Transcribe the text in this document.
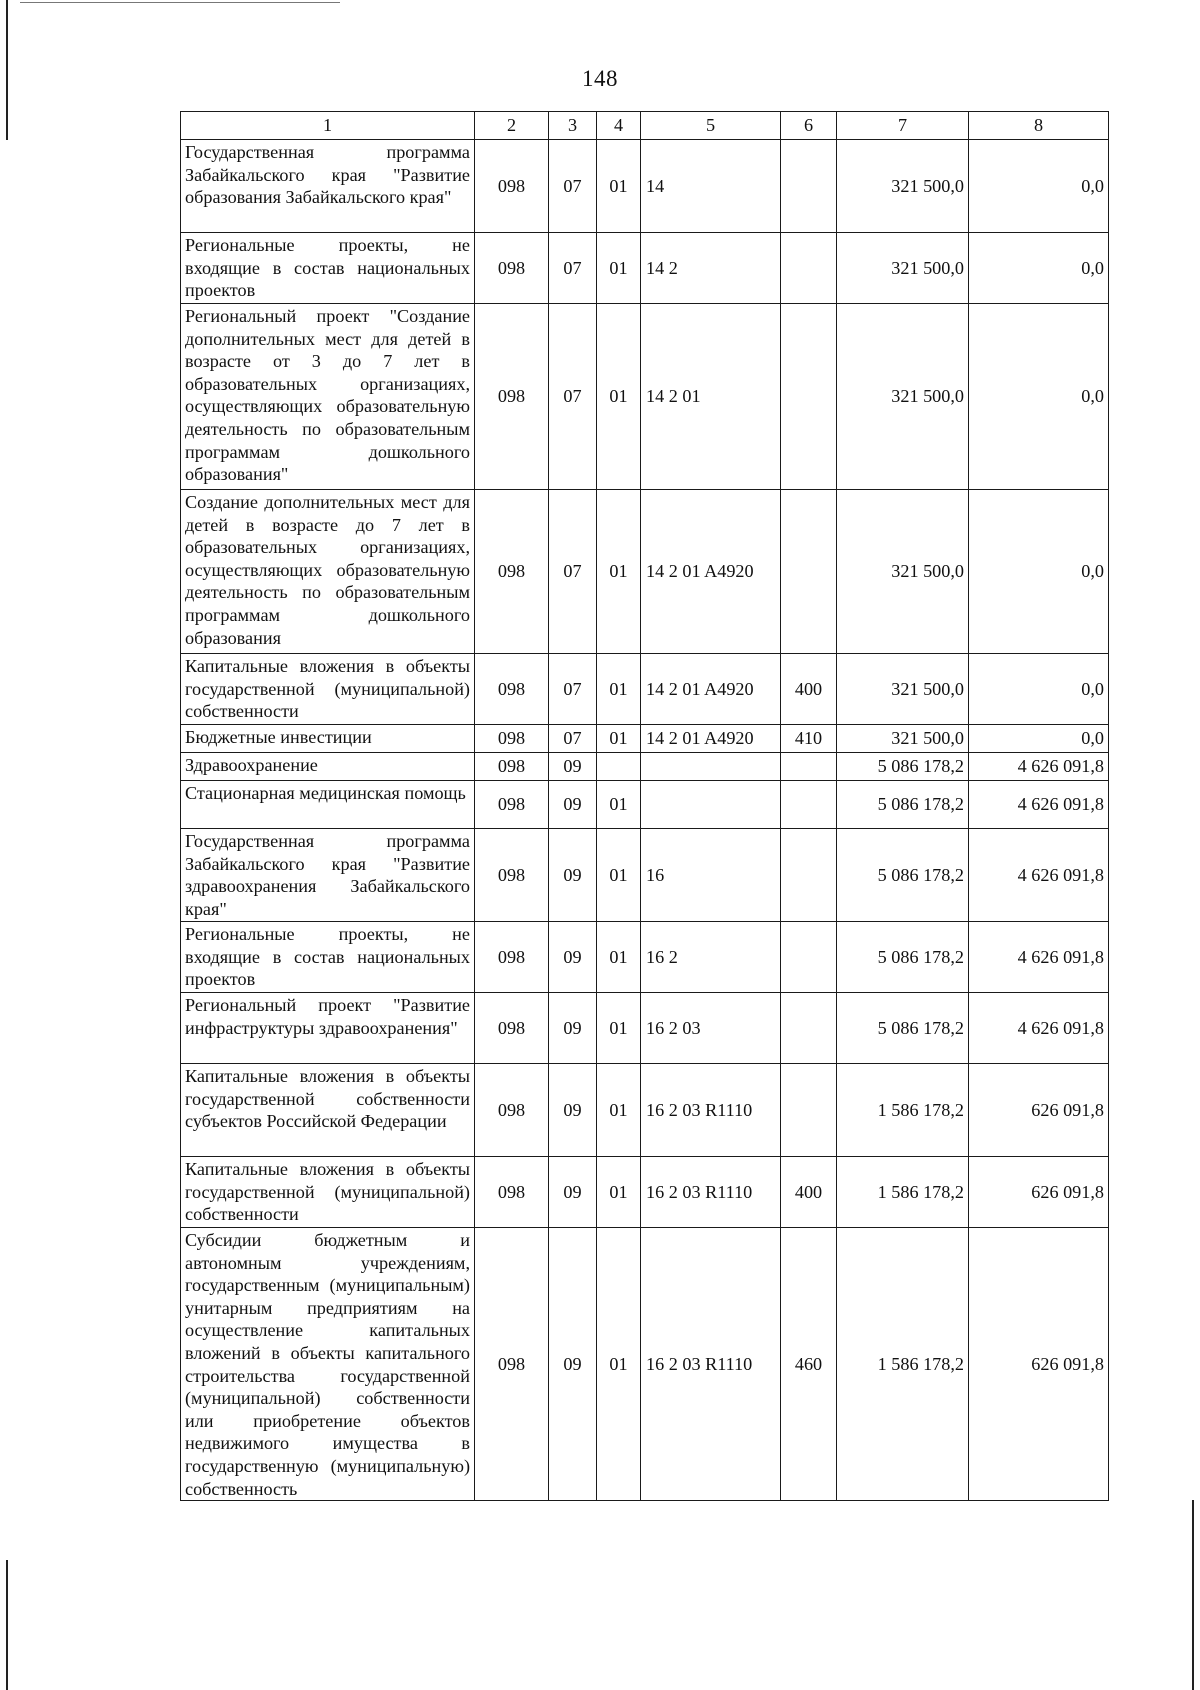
148
1	2	3	4	5	6	7	8
Государственная программа Забайкальского края "Развитие образования Забайкальского края"	098	07	01	14		321 500,0	0,0
Региональные проекты, не входящие в состав национальных проектов	098	07	01	14 2		321 500,0	0,0
Региональный проект "Создание дополнительных мест для детей в возрасте от 3 до 7 лет в образовательных организациях, осуществляющих образовательную деятельность по образовательным программам дошкольного образования"	098	07	01	14 2 01		321 500,0	0,0
Создание дополнительных мест для детей в возрасте до 7 лет в образовательных организациях, осуществляющих образовательную деятельность по образовательным программам дошкольного образования	098	07	01	14 2 01 A4920		321 500,0	0,0
Капитальные вложения в объекты государственной (муниципальной) собственности	098	07	01	14 2 01 A4920	400	321 500,0	0,0
Бюджетные инвестиции	098	07	01	14 2 01 A4920	410	321 500,0	0,0
Здравоохранение	098	09				5 086 178,2	4 626 091,8
Стационарная медицинская помощь	098	09	01			5 086 178,2	4 626 091,8
Государственная программа Забайкальского края "Развитие здравоохранения Забайкальского края"	098	09	01	16		5 086 178,2	4 626 091,8
Региональные проекты, не входящие в состав национальных проектов	098	09	01	16 2		5 086 178,2	4 626 091,8
Региональный проект "Развитие инфраструктуры здравоохранения"	098	09	01	16 2 03		5 086 178,2	4 626 091,8
Капитальные вложения в объекты государственной собственности субъектов Российской Федерации	098	09	01	16 2 03 R1110		1 586 178,2	626 091,8
Капитальные вложения в объекты государственной (муниципальной) собственности	098	09	01	16 2 03 R1110	400	1 586 178,2	626 091,8
Субсидии бюджетным и автономным учреждениям, государственным (муниципальным) унитарным предприятиям на осуществление капитальных вложений в объекты капитального строительства государственной (муниципальной) собственности или приобретение объектов недвижимого имущества в государственную (муниципальную) собственность	098	09	01	16 2 03 R1110	460	1 586 178,2	626 091,8
